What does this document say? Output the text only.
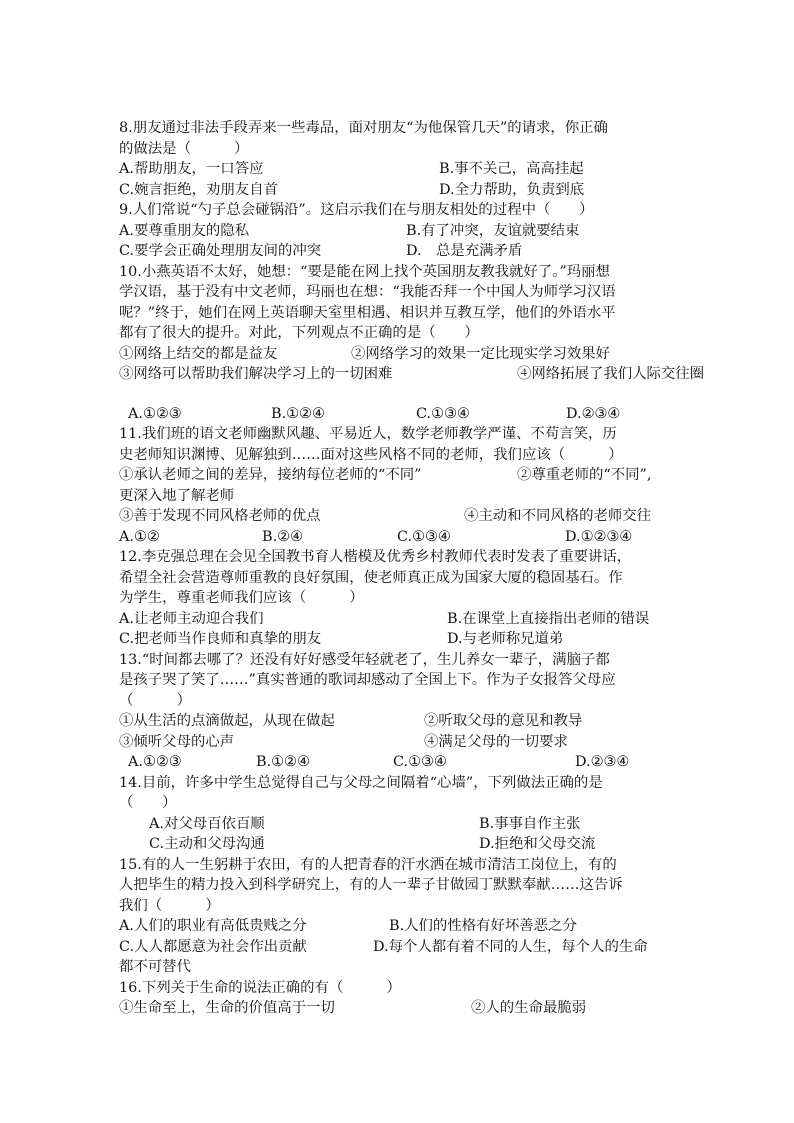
8.朋友通过非法手段弄来一些毒品，面对朋友“为他保管几天”的请求，你正确
的做法是（　　　）
A.帮助朋友，一口答应	B.事不关己，高高挂起
C.婉言拒绝，劝朋友自首	D.全力帮助，负责到底
9.人们常说“勺子总会碰锅沿”。这启示我们在与朋友相处的过程中（　　）
A.要尊重朋友的隐私	B.有了冲突，友谊就要结束
C.要学会正确处理朋友间的冲突	D.　总是充满矛盾
10.小燕英语不太好，她想：“要是能在网上找个英国朋友教我就好了。”玛丽想
学汉语，基于没有中文老师，玛丽也在想：“我能否拜一个中国人为师学习汉语
呢？”终于，她们在网上英语聊天室里相遇、相识并互教互学，他们的外语水平
都有了很大的提升。对此，下列观点不正确的是（　　）
①网络上结交的都是益友	②网络学习的效果一定比现实学习效果好
③网络可以帮助我们解决学习上的一切困难	④网络拓展了我们人际交往圈
A.①②③	B.①②④	C.①③④	D.②③④
11.我们班的语文老师幽默风趣、平易近人，数学老师教学严谨、不苟言笑，历
史老师知识渊博、见解独到……面对这些风格不同的老师，我们应该（　　　）
①承认老师之间的差异，接纳每位老师的“不同”	②尊重老师的“不同”,
更深入地了解老师
③善于发现不同风格老师的优点	④主动和不同风格的老师交往
A.①②	B.②④	C.①③④	D.①②③④
12.李克强总理在会见全国教书育人楷模及优秀乡村教师代表时发表了重要讲话，
希望全社会营造尊师重教的良好氛围，使老师真正成为国家大厦的稳固基石。作
为学生，尊重老师我们应该（　　　）
A.让老师主动迎合我们	B.在课堂上直接指出老师的错误
C.把老师当作良师和真挚的朋友	D.与老师称兄道弟
13.“时间都去哪了？还没有好好感受年轻就老了，生儿养女一辈子，满脑子都
是孩子哭了笑了……”真实普通的歌词却感动了全国上下。作为子女报答父母应
（　　　）
①从生活的点滴做起，从现在做起	②听取父母的意见和教导
③倾听父母的心声	④满足父母的一切要求
A.①②③	B.①②④	C.①③④	D.②③④
14.目前，许多中学生总觉得自己与父母之间隔着“心墙”，下列做法正确的是
（　　）
A.对父母百依百顺	B.事事自作主张
C.主动和父母沟通	D.拒绝和父母交流
15.有的人一生躬耕于农田，有的人把青春的汗水洒在城市清洁工岗位上，有的
人把毕生的精力投入到科学研究上，有的人一辈子甘做园丁默默奉献……这告诉
我们（　　　）
A.人们的职业有高低贵贱之分	B.人们的性格有好坏善恶之分
C.人人都愿意为社会作出贡献	D.每个人都有着不同的人生，每个人的生命
都不可替代
16.下列关于生命的说法正确的有（　　　）
①生命至上，生命的价值高于一切	②人的生命最脆弱
